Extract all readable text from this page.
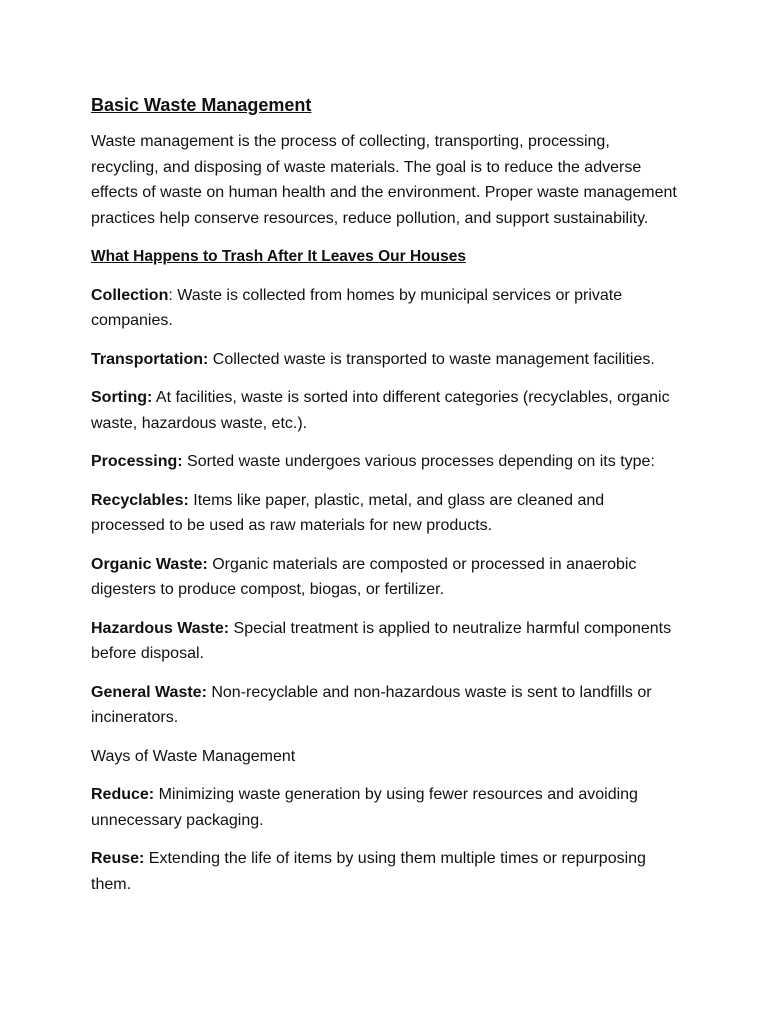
Basic Waste Management

Waste management is the process of collecting, transporting, processing, recycling, and disposing of waste materials. The goal is to reduce the adverse effects of waste on human health and the environment. Proper waste management practices help conserve resources, reduce pollution, and support sustainability.

What Happens to Trash After It Leaves Our Houses

Collection: Waste is collected from homes by municipal services or private companies.

Transportation: Collected waste is transported to waste management facilities.

Sorting: At facilities, waste is sorted into different categories (recyclables, organic waste, hazardous waste, etc.).

Processing: Sorted waste undergoes various processes depending on its type:

Recyclables: Items like paper, plastic, metal, and glass are cleaned and processed to be used as raw materials for new products.

Organic Waste: Organic materials are composted or processed in anaerobic digesters to produce compost, biogas, or fertilizer.

Hazardous Waste: Special treatment is applied to neutralize harmful components before disposal.

General Waste: Non-recyclable and non-hazardous waste is sent to landfills or incinerators.

Ways of Waste Management

Reduce: Minimizing waste generation by using fewer resources and avoiding unnecessary packaging.

Reuse: Extending the life of items by using them multiple times or repurposing them.
